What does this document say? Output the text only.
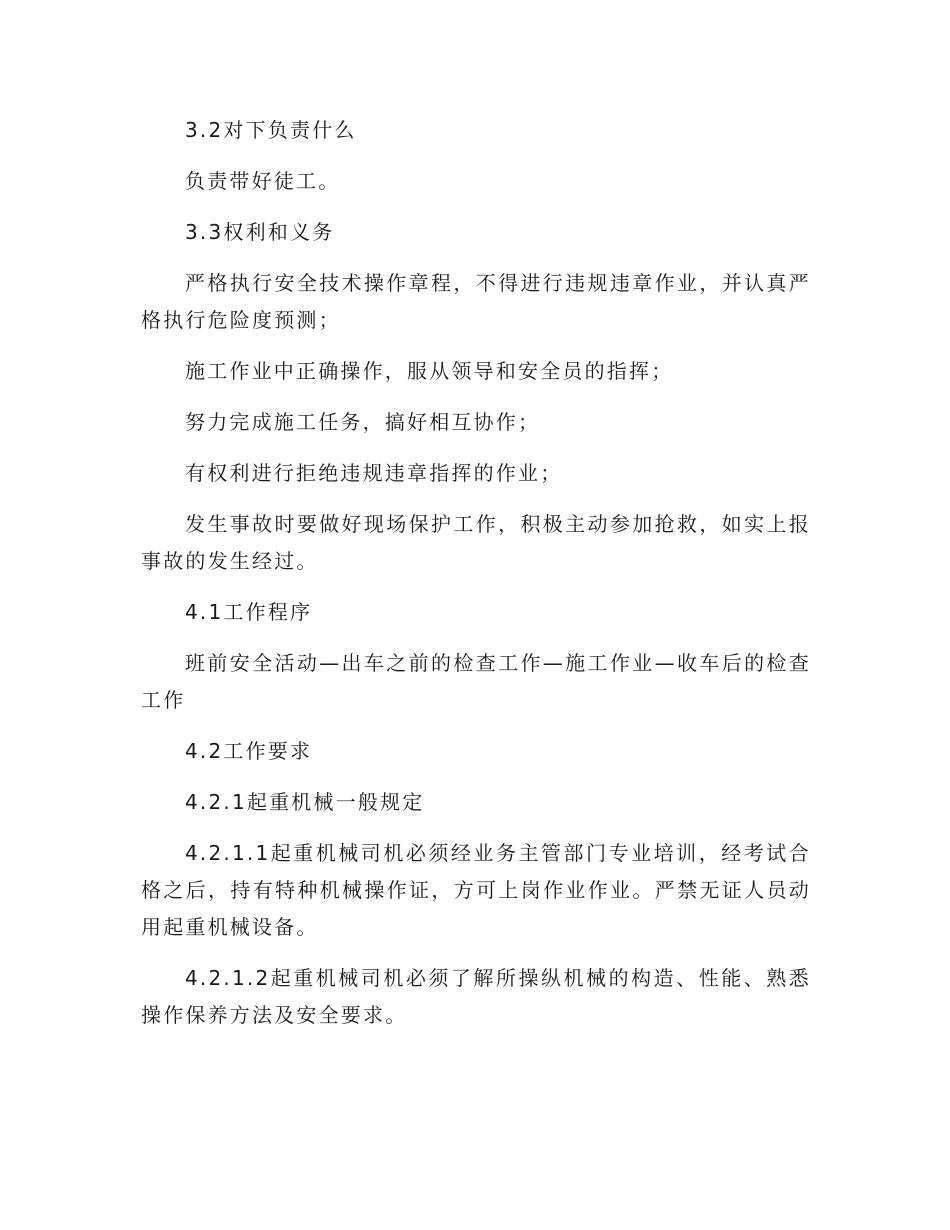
3.2对下负责什么

负责带好徒工。

3.3权利和义务

严格执行安全技术操作章程，不得进行违规违章作业，并认真严格执行危险度预测；

施工作业中正确操作，服从领导和安全员的指挥；

努力完成施工任务，搞好相互协作；

有权利进行拒绝违规违章指挥的作业；

发生事故时要做好现场保护工作，积极主动参加抢救，如实上报事故的发生经过。

4.1工作程序

班前安全活动—出车之前的检查工作—施工作业—收车后的检查工作

4.2工作要求

4.2.1起重机械一般规定

4.2.1.1起重机械司机必须经业务主管部门专业培训，经考试合格之后，持有特种机械操作证，方可上岗作业作业。严禁无证人员动用起重机械设备。

4.2.1.2起重机械司机必须了解所操纵机械的构造、性能、熟悉操作保养方法及安全要求。
